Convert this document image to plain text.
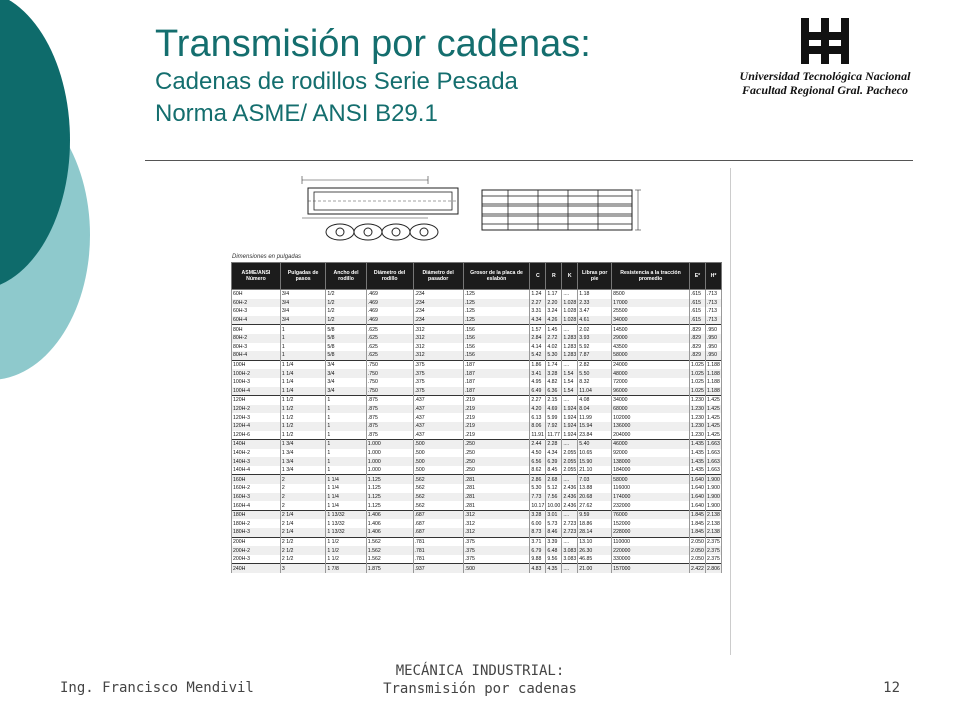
Transmisión por cadenas:
Cadenas de rodillos Serie Pesada
Norma ASME/ ANSI B29.1
Universidad Tecnológica Nacional
Facultad Regional Gral. Pacheco
Dimensiones en pulgadas
ASME/ANSI Número	Pulgadas de pasos	Ancho del rodillo	Diámetro del rodillo	Diámetro del pasador	Grosor de la placa de eslabón	C	R	K	Libras por pie	Resistencia a la tracción promedio	E*	H*
60H	3/4	1/2	.469	.234	.125	1.24	1.17	....	1.18	8500	.615	.713
60H-2	3/4	1/2	.469	.234	.125	2.27	2.20	1.028	2.33	17000	.615	.713
60H-3	3/4	1/2	.469	.234	.125	3.31	3.24	1.028	3.47	25500	.615	.713
60H-4	3/4	1/2	.469	.234	.125	4.34	4.26	1.028	4.61	34000	.615	.713
80H	1	5/8	.625	.312	.156	1.57	1.45	....	2.02	14500	.829	.950
80H-2	1	5/8	.625	.312	.156	2.84	2.72	1.283	3.93	29000	.829	.950
80H-3	1	5/8	.625	.312	.156	4.14	4.02	1.283	5.92	43500	.829	.950
80H-4	1	5/8	.625	.312	.156	5.42	5.30	1.283	7.87	58000	.829	.950
100H	1 1/4	3/4	.750	.375	.187	1.86	1.74	....	2.82	24000	1.025	1.188
100H-2	1 1/4	3/4	.750	.375	.187	3.41	3.28	1.54	5.50	48000	1.025	1.188
100H-3	1 1/4	3/4	.750	.375	.187	4.95	4.82	1.54	8.32	72000	1.025	1.188
100H-4	1 1/4	3/4	.750	.375	.187	6.49	6.36	1.54	11.04	96000	1.025	1.188
120H	1 1/2	1	.875	.437	.219	2.27	2.15	....	4.08	34000	1.230	1.425
120H-2	1 1/2	1	.875	.437	.219	4.20	4.69	1.924	8.04	68000	1.230	1.425
120H-3	1 1/2	1	.875	.437	.219	6.13	5.99	1.924	11.99	102000	1.230	1.425
120H-4	1 1/2	1	.875	.437	.219	8.06	7.92	1.924	15.94	136000	1.230	1.425
120H-6	1 1/2	1	.875	.437	.219	11.91	11.77	1.924	23.84	204000	1.230	1.425
140H	1 3/4	1	1.000	.500	.250	2.44	2.28	....	5.40	46000	1.435	1.663
140H-2	1 3/4	1	1.000	.500	.250	4.50	4.34	2.055	10.65	92000	1.435	1.663
140H-3	1 3/4	1	1.000	.500	.250	6.56	6.39	2.055	15.90	138000	1.435	1.663
140H-4	1 3/4	1	1.000	.500	.250	8.62	8.45	2.055	21.10	184000	1.435	1.663
160H	2	1 1/4	1.125	.562	.281	2.86	2.68	....	7.03	58000	1.640	1.900
160H-2	2	1 1/4	1.125	.562	.281	5.30	5.12	2.436	13.88	116000	1.640	1.900
160H-3	2	1 1/4	1.125	.562	.281	7.73	7.56	2.436	20.68	174000	1.640	1.900
160H-4	2	1 1/4	1.125	.562	.281	10.17	10.00	2.436	27.62	232000	1.640	1.900
180H	2 1/4	1 13/32	1.406	.687	.312	3.28	3.01	....	9.59	76000	1.845	2.138
180H-2	2 1/4	1 13/32	1.406	.687	.312	6.00	5.73	2.723	18.86	152000	1.845	2.138
180H-3	2 1/4	1 13/32	1.406	.687	.312	8.73	8.46	2.723	28.14	228000	1.845	2.138
200H	2 1/2	1 1/2	1.562	.781	.375	3.71	3.39	....	13.10	110000	2.050	2.375
200H-2	2 1/2	1 1/2	1.562	.781	.375	6.79	6.48	3.083	26.30	220000	2.050	2.375
200H-3	2 1/2	1 1/2	1.562	.781	.375	9.88	9.56	3.083	46.85	330000	2.050	2.375
240H	3	1 7/8	1.875	.937	.500	4.83	4.35	....	21.00	157000	2.422	2.806
Ing. Francisco Mendivil
MECÁNICA INDUSTRIAL:
Transmisión por cadenas	12
